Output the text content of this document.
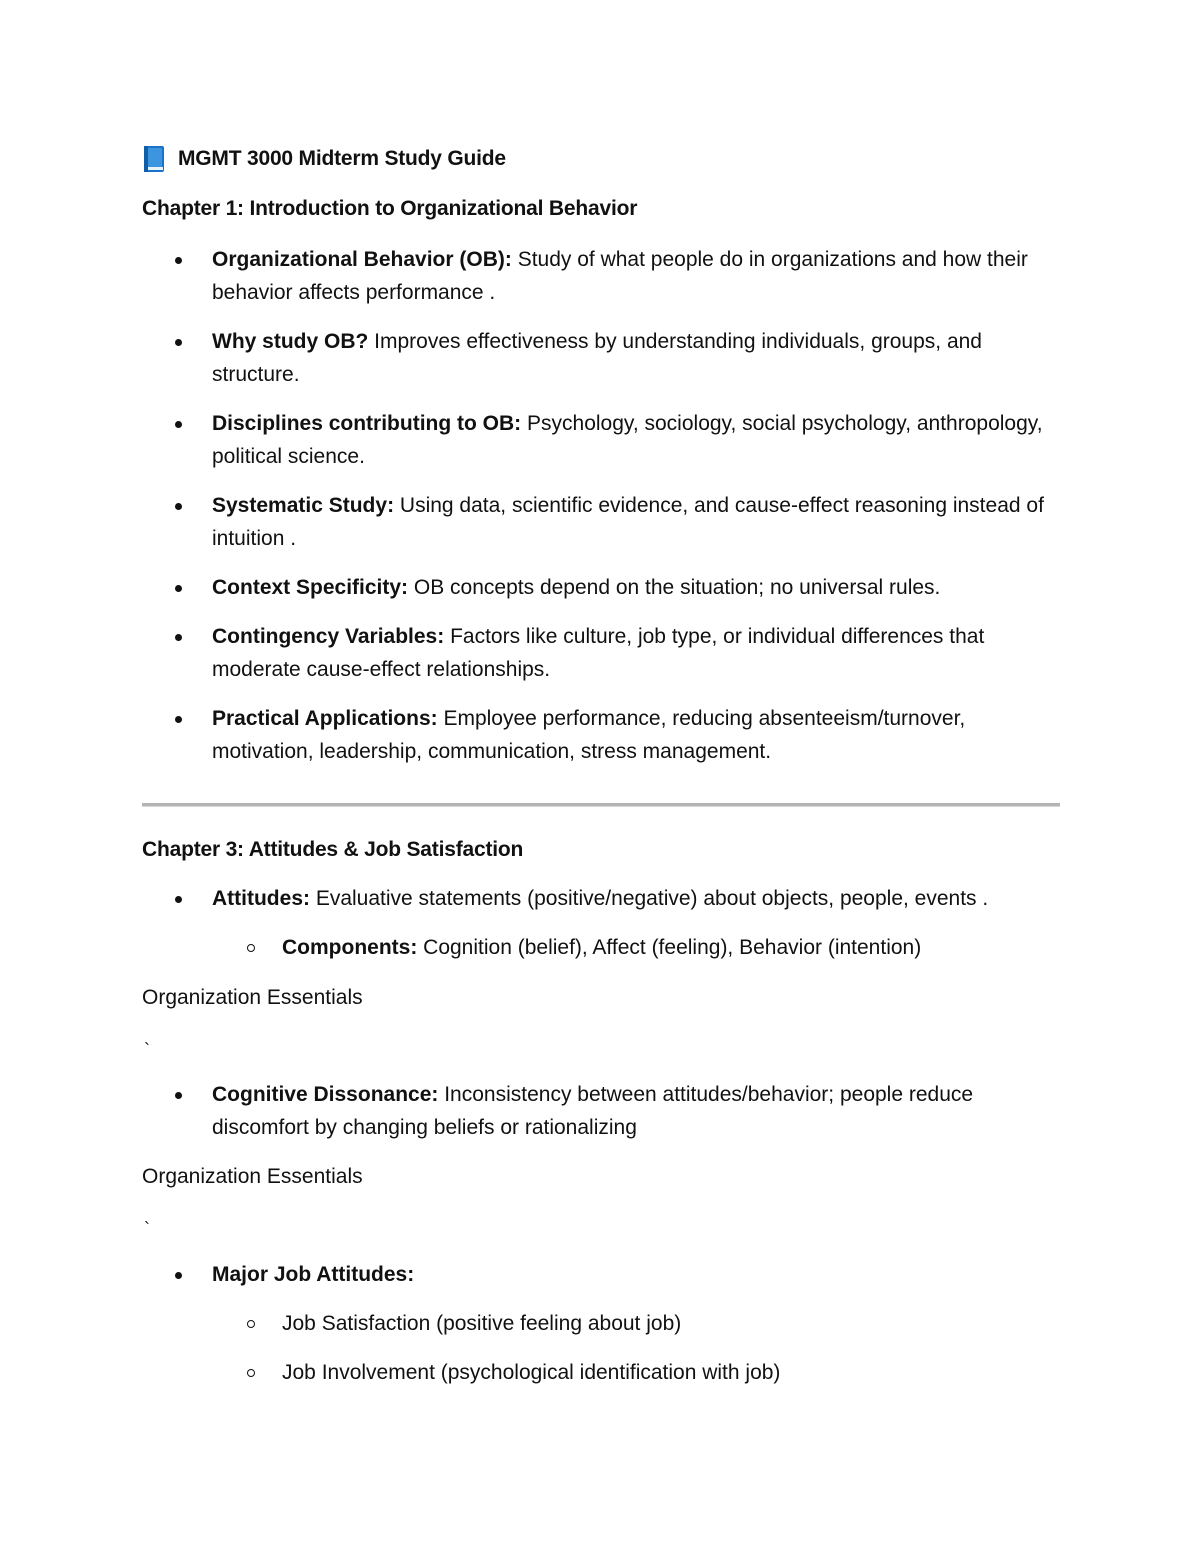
MGMT 3000 Midterm Study Guide
Chapter 1: Introduction to Organizational Behavior
Organizational Behavior (OB): Study of what people do in organizations and how their behavior affects performance .
Why study OB? Improves effectiveness by understanding individuals, groups, and structure.
Disciplines contributing to OB: Psychology, sociology, social psychology, anthropology, political science.
Systematic Study: Using data, scientific evidence, and cause-effect reasoning instead of intuition .
Context Specificity: OB concepts depend on the situation; no universal rules.
Contingency Variables: Factors like culture, job type, or individual differences that moderate cause-effect relationships.
Practical Applications: Employee performance, reducing absenteeism/turnover, motivation, leadership, communication, stress management.
Chapter 3: Attitudes & Job Satisfaction
Attitudes: Evaluative statements (positive/negative) about objects, people, events .
Components: Cognition (belief), Affect (feeling), Behavior (intention)
Organization Essentials
`
Cognitive Dissonance: Inconsistency between attitudes/behavior; people reduce discomfort by changing beliefs or rationalizing
Organization Essentials
`
Major Job Attitudes:
Job Satisfaction (positive feeling about job)
Job Involvement (psychological identification with job)
